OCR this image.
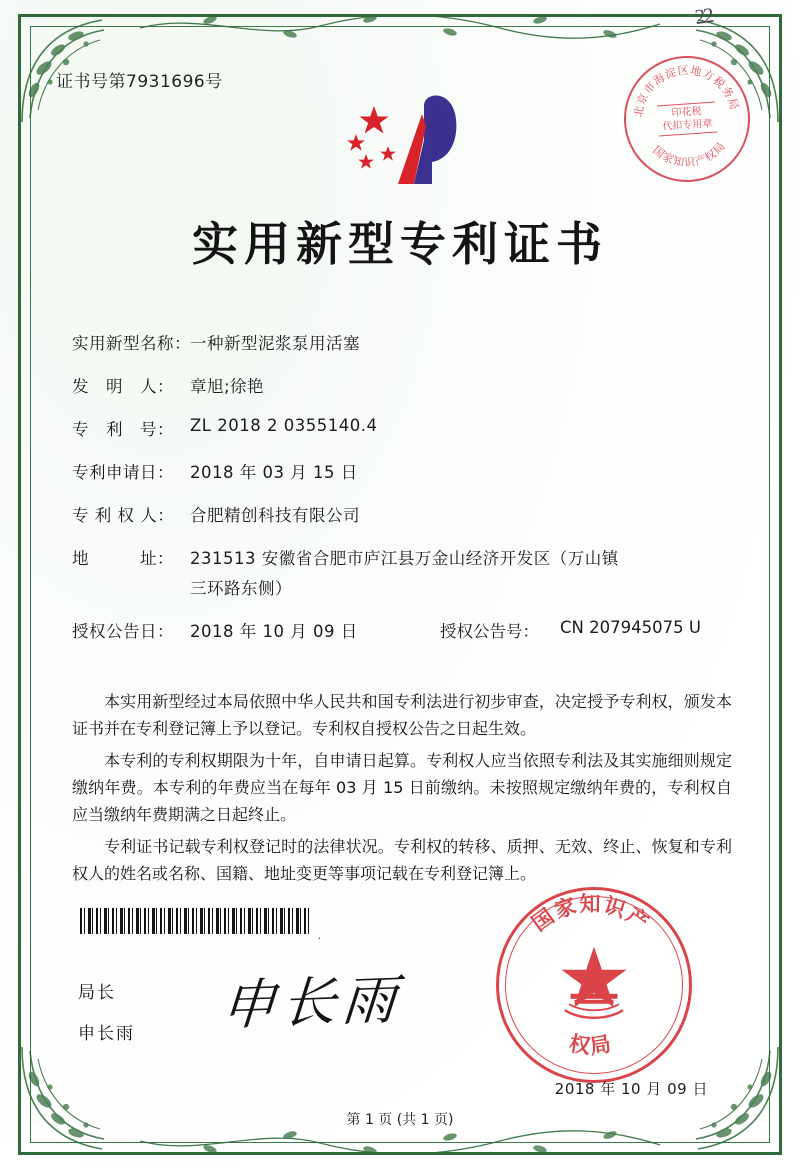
22
证书号第7931696号
北京市海淀区地方税务局
国家知识产权局
印花税
代扣专用章
实用新型专利证书
实用新型名称： 一种新型泥浆泵用活塞
发　明　人： 章旭;徐艳
专　利　号： ZL 2018 2 0355140.4
专利申请日： 2018 年 03 月 15 日
专 利 权 人： 合肥精创科技有限公司
地　　　址： 231513 安徽省合肥市庐江县万金山经济开发区（万山镇
三环路东侧）
授权公告日： 2018 年 10 月 09 日	授权公告号：	CN 207945075 U

本实用新型经过本局依照中华人民共和国专利法进行初步审查，决定授予专利权，颁发本证书并在专利登记簿上予以登记。专利权自授权公告之日起生效。

本专利的专利权期限为十年，自申请日起算。专利权人应当依照专利法及其实施细则规定缴纳年费。本专利的年费应当在每年 03 月 15 日前缴纳。未按照规定缴纳年费的，专利权自应当缴纳年费期满之日起终止。

专利证书记载专利权登记时的法律状况。专利权的转移、质押、无效、终止、恢复和专利权人的姓名或名称、国籍、地址变更等事项记载在专利登记簿上。

.
局长
申长雨 申长雨
国家知识产
权局
2018 年 10 月 09 日
第 1 页 (共 1 页)
